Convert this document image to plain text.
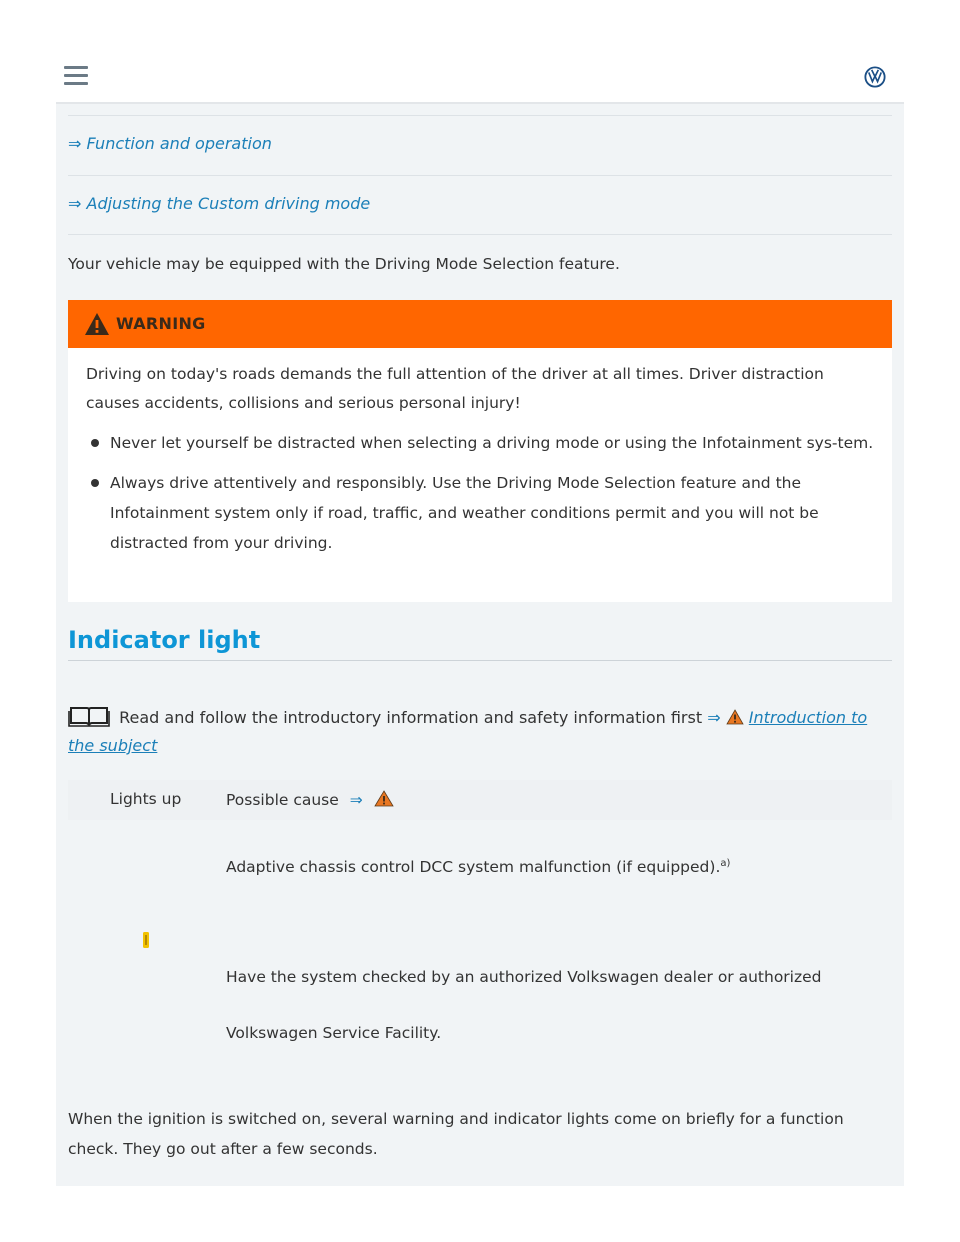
⇒ Function and operation
⇒ Adjusting the Custom driving mode
Your vehicle may be equipped with the Driving Mode Selection feature.
WARNING

Driving on today's roads demands the full attention of the driver at all times. Driver distraction causes accidents, collisions and serious personal injury!

Never let yourself be distracted when selecting a driving mode or using the Infotainment sys-tem.
Always drive attentively and responsibly. Use the Driving Mode Selection feature and the Infotainment system only if road, traffic, and weather conditions permit and you will not be distracted from your driving.
Indicator light
Read and follow the introductory information and safety information first ⇒ Introduction to the subject
Lights up	Possible cause ⇒
Adaptive chassis control DCC system malfunction (if equipped).$^{a)}$
Have the system checked by an authorized Volkswagen dealer or authorized
Volkswagen Service Facility.
When the ignition is switched on, several warning and indicator lights come on briefly for a function check. They go out after a few seconds.
